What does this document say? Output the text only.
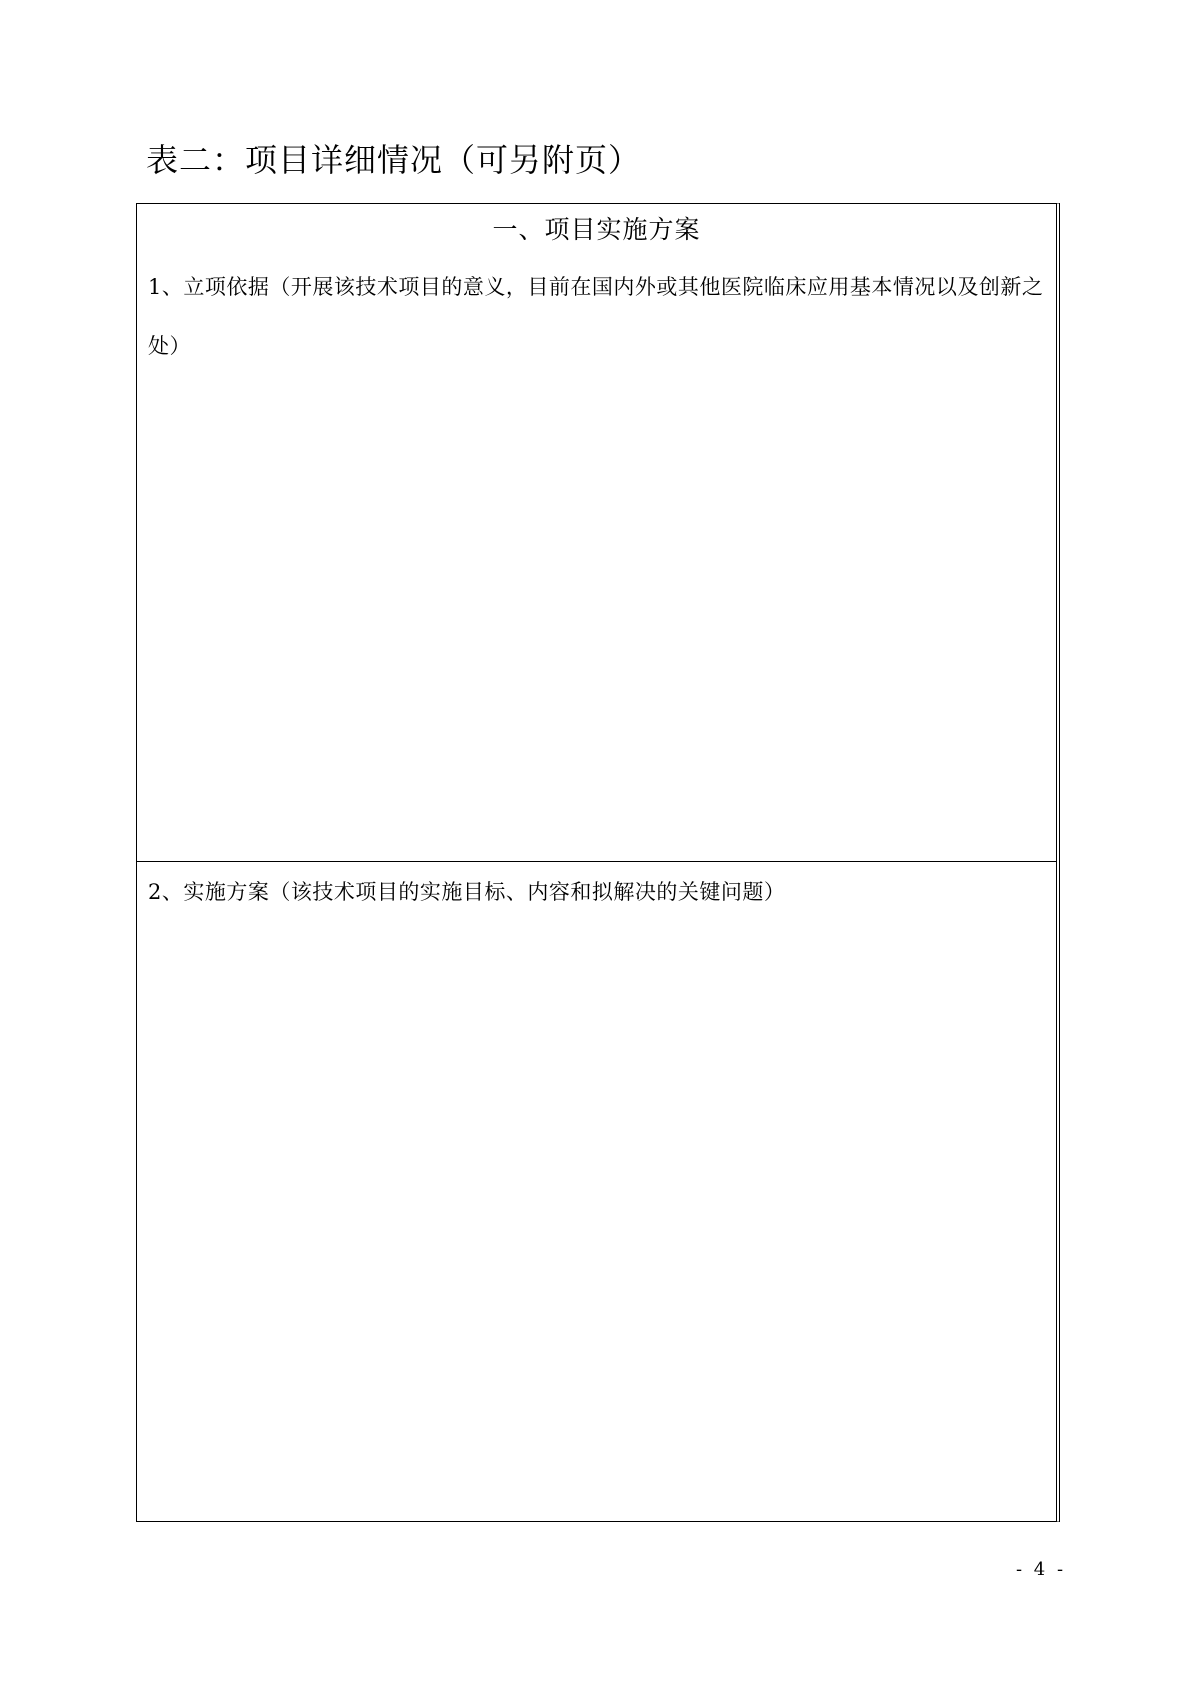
表二：项目详细情况（可另附页）
一、项目实施方案
1、立项依据（开展该技术项目的意义，目前在国内外或其他医院临床应用基本情况以及创新之处）
2、实施方案（该技术项目的实施目标、内容和拟解决的关键问题）
- 4 -
